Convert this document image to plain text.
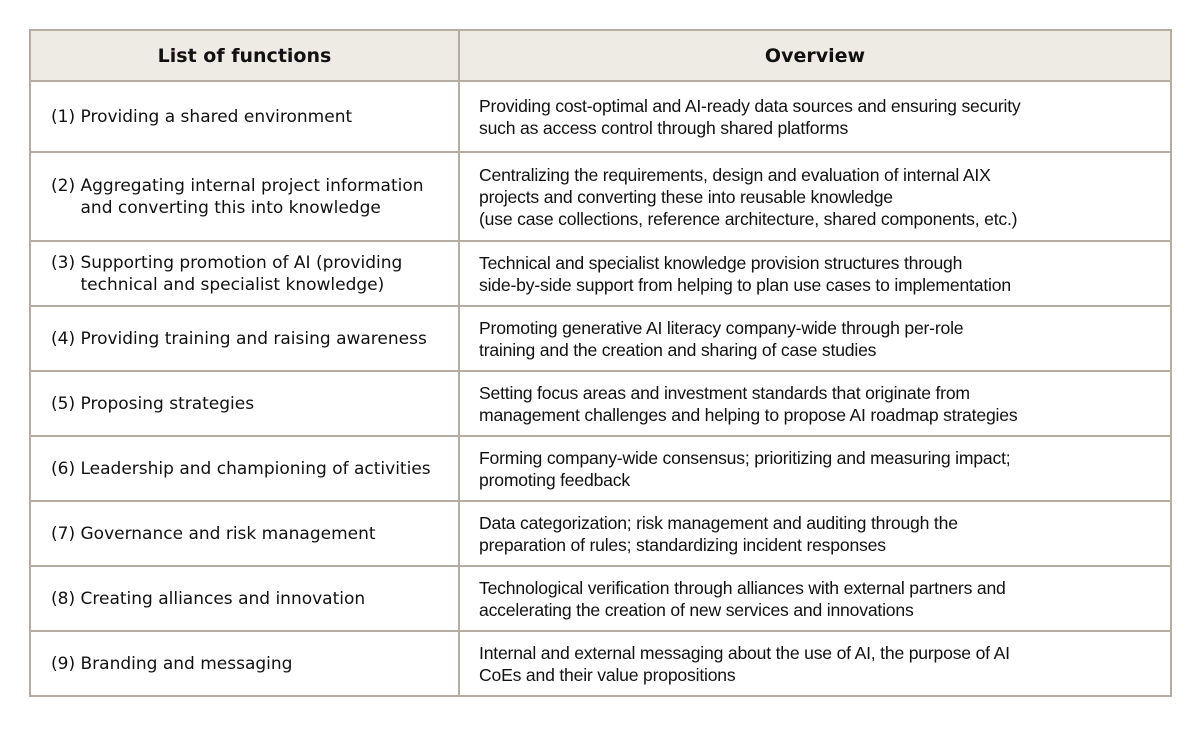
List of functions	Overview

(1)
Providing a shared environment	Providing cost-optimal and AI-ready data sources and ensuring security
such as access control through shared platforms

(2)
Aggregating internal project information and converting this into knowledge	Centralizing the requirements, design and evaluation of internal AIX
projects and converting these into reusable knowledge
(use case collections, reference architecture, shared components, etc.)

(3)
Supporting promotion of AI (providing technical and specialist knowledge)	Technical and specialist knowledge provision structures through
side-by-side support from helping to plan use cases to implementation

(4)
Providing training and raising awareness	Promoting generative AI literacy company-wide through per-role
training and the creation and sharing of case studies

(5)
Proposing strategies	Setting focus areas and investment standards that originate from
management challenges and helping to propose AI roadmap strategies

(6)
Leadership and championing of activities	Forming company-wide consensus; prioritizing and measuring impact;
promoting feedback

(7)
Governance and risk management	Data categorization; risk management and auditing through the
preparation of rules; standardizing incident responses

(8)
Creating alliances and innovation	Technological verification through alliances with external partners and
accelerating the creation of new services and innovations

(9)
Branding and messaging	Internal and external messaging about the use of AI, the purpose of AI
CoEs and their value propositions
